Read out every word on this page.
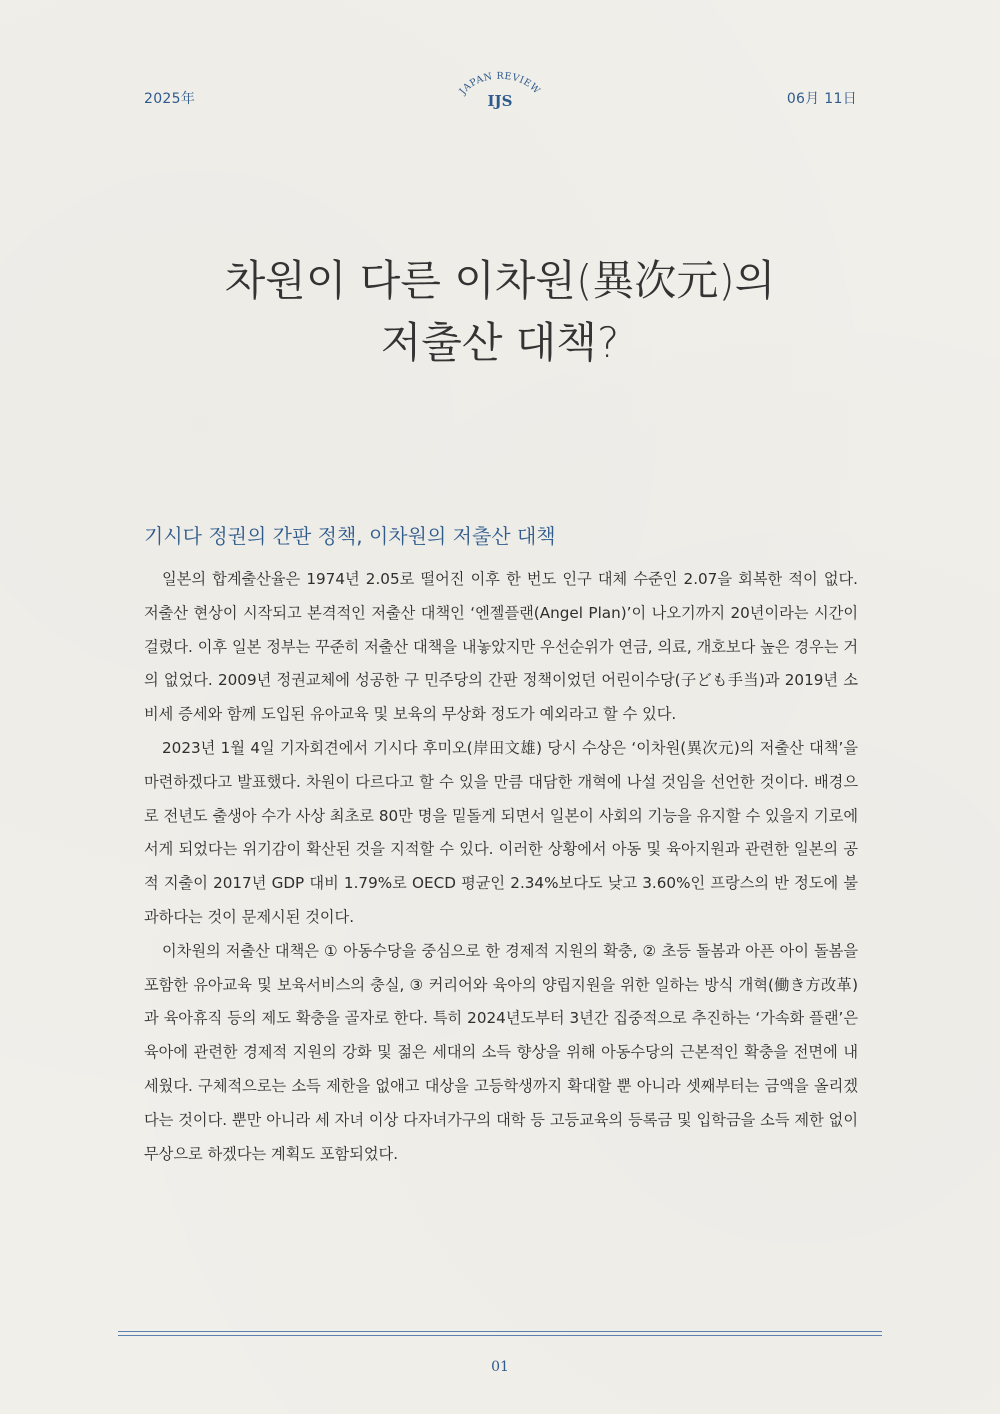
2025年	JAPAN REVIEW
IJS	06月 11日
차원이 다른 이차원(異次元)의
저출산 대책?
기시다 정권의 간판 정책, 이차원의 저출산 대책

일본의 합계출산율은 1974년 2.05로 떨어진 이후 한 번도 인구 대체 수준인 2.07을 회복한 적이 없다. 저출산 현상이 시작되고 본격적인 저출산 대책인 ‘엔젤플랜(Angel Plan)’이 나오기까지 20년이라는 시간이 걸렸다. 이후 일본 정부는 꾸준히 저출산 대책을 내놓았지만 우선순위가 연금, 의료, 개호보다 높은 경우는 거의 없었다. 2009년 정권교체에 성공한 구 민주당의 간판 정책이었던 어린이수당(子ども手当)과 2019년 소비세 증세와 함께 도입된 유아교육 및 보육의 무상화 정도가 예외라고 할 수 있다.

2023년 1월 4일 기자회견에서 기시다 후미오(岸田文雄) 당시 수상은 ‘이차원(異次元)의 저출산 대책’을 마련하겠다고 발표했다. 차원이 다르다고 할 수 있을 만큼 대담한 개혁에 나설 것임을 선언한 것이다. 배경으로 전년도 출생아 수가 사상 최초로 80만 명을 밑돌게 되면서 일본이 사회의 기능을 유지할 수 있을지 기로에 서게 되었다는 위기감이 확산된 것을 지적할 수 있다. 이러한 상황에서 아동 및 육아지원과 관련한 일본의 공적 지출이 2017년 GDP 대비 1.79%로 OECD 평균인 2.34%보다도 낮고 3.60%인 프랑스의 반 정도에 불과하다는 것이 문제시된 것이다.

이차원의 저출산 대책은 ① 아동수당을 중심으로 한 경제적 지원의 확충, ② 초등 돌봄과 아픈 아이 돌봄을 포함한 유아교육 및 보육서비스의 충실, ③ 커리어와 육아의 양립지원을 위한 일하는 방식 개혁(働き方改革)과 육아휴직 등의 제도 확충을 골자로 한다. 특히 2024년도부터 3년간 집중적으로 추진하는 ‘가속화 플랜’은 육아에 관련한 경제적 지원의 강화 및 젊은 세대의 소득 향상을 위해 아동수당의 근본적인 확충을 전면에 내세웠다. 구체적으로는 소득 제한을 없애고 대상을 고등학생까지 확대할 뿐 아니라 셋째부터는 금액을 올리겠다는 것이다. 뿐만 아니라 세 자녀 이상 다자녀가구의 대학 등 고등교육의 등록금 및 입학금을 소득 제한 없이 무상으로 하겠다는 계획도 포함되었다.

01
